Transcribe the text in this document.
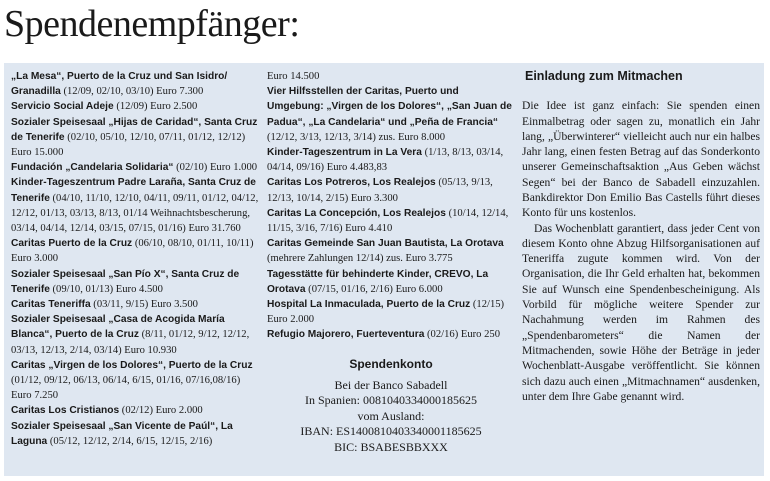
Spendenempfänger:
„La Mesa“, Puerto de la Cruz und San Isidro/ Granadilla (12/09, 02/10, 03/10) Euro 7.300
Servicio Social Adeje (12/09) Euro 2.500
Sozialer Speisesaal „Hijas de Caridad“, Santa Cruz de Tenerife (02/10, 05/10, 12/10, 07/11, 01/12, 12/12) Euro 15.000
Fundación „Candelaria Solidaria“ (02/10) Euro 1.000
Kinder-Tageszentrum Padre Laraña, Santa Cruz de Tenerife (04/10, 11/10, 12/10, 04/11, 09/11, 01/12, 04/12, 12/12, 01/13, 03/13, 8/13, 01/14 Weihnachtsbescherung, 03/14, 04/14, 12/14, 03/15, 07/15, 01/16) Euro 31.760
Caritas Puerto de la Cruz (06/10, 08/10, 01/11, 10/11) Euro 3.000
Sozialer Speisesaal „San Pío X“, Santa Cruz de Tenerife (09/10, 01/13) Euro 4.500
Caritas Teneriffa (03/11, 9/15) Euro 3.500
Sozialer Speisesaal „Casa de Acogida María Blanca“, Puerto de la Cruz (8/11, 01/12, 9/12, 12/12, 03/13, 12/13, 2/14, 03/14) Euro 10.930
Caritas „Virgen de los Dolores“, Puerto de la Cruz (01/12, 09/12, 06/13, 06/14, 6/15, 01/16, 07/16,08/16) Euro 7.250
Caritas Los Cristianos (02/12) Euro 2.000
Sozialer Speisesaal „San Vicente de Paúl“, La Laguna (05/12, 12/12, 2/14, 6/15, 12/15, 2/16)
Euro 14.500
Vier Hilfsstellen der Caritas, Puerto und Umgebung: „Virgen de los Dolores“, „San Juan de Padua“, „La Candelaria“ und „Peña de Francia“ (12/12, 3/13, 12/13, 3/14) zus. Euro 8.000
Kinder-Tageszentrum in La Vera (1/13, 8/13, 03/14, 04/14, 09/16) Euro 4.483,83
Caritas Los Potreros, Los Realejos (05/13, 9/13, 12/13, 10/14, 2/15) Euro 3.300
Caritas La Concepción, Los Realejos (10/14, 12/14, 11/15, 3/16, 7/16) Euro 4.410
Caritas Gemeinde San Juan Bautista, La Orotava (mehrere Zahlungen 12/14) zus. Euro 3.775
Tagesstätte für behinderte Kinder, CREVO, La Orotava (07/15, 01/16, 2/16) Euro 6.000
Hospital La Inmaculada, Puerto de la Cruz (12/15) Euro 2.000
Refugio Majorero, Fuerteventura (02/16) Euro 250
Spendenkonto
Bei der Banco Sabadell
In Spanien: 0081040334000185625
vom Ausland:
IBAN: ES1400810403340001185625
BIC: BSABESBBXXX
Einladung zum Mitmachen

Die Idee ist ganz einfach: Sie spenden einen Einmalbetrag oder sagen zu, monatlich ein Jahr lang, „Überwinterer“ vielleicht auch nur ein halbes Jahr lang, einen festen Betrag auf das Sonderkonto unserer Gemeinschaftsaktion „Aus Geben wächst Segen“ bei der Banco de Sabadell einzuzahlen. Bankdirektor Don Emilio Bas Castells führt dieses Konto für uns kostenlos.

Das Wochenblatt garantiert, dass jeder Cent von diesem Konto ohne Abzug Hilfsorganisationen auf Teneriffa zugute kommen wird. Von der Organisation, die Ihr Geld erhalten hat, bekommen Sie auf Wunsch eine Spendenbescheinigung. Als Vorbild für mögliche weitere Spender zur Nachahmung werden im Rahmen des „Spendenbarometers“ die Namen der Mitmachenden, sowie Höhe der Beträge in jeder Wochenblatt-Ausgabe veröffentlicht. Sie können sich dazu auch einen „Mitmachnamen“ ausdenken, unter dem Ihre Gabe genannt wird.
